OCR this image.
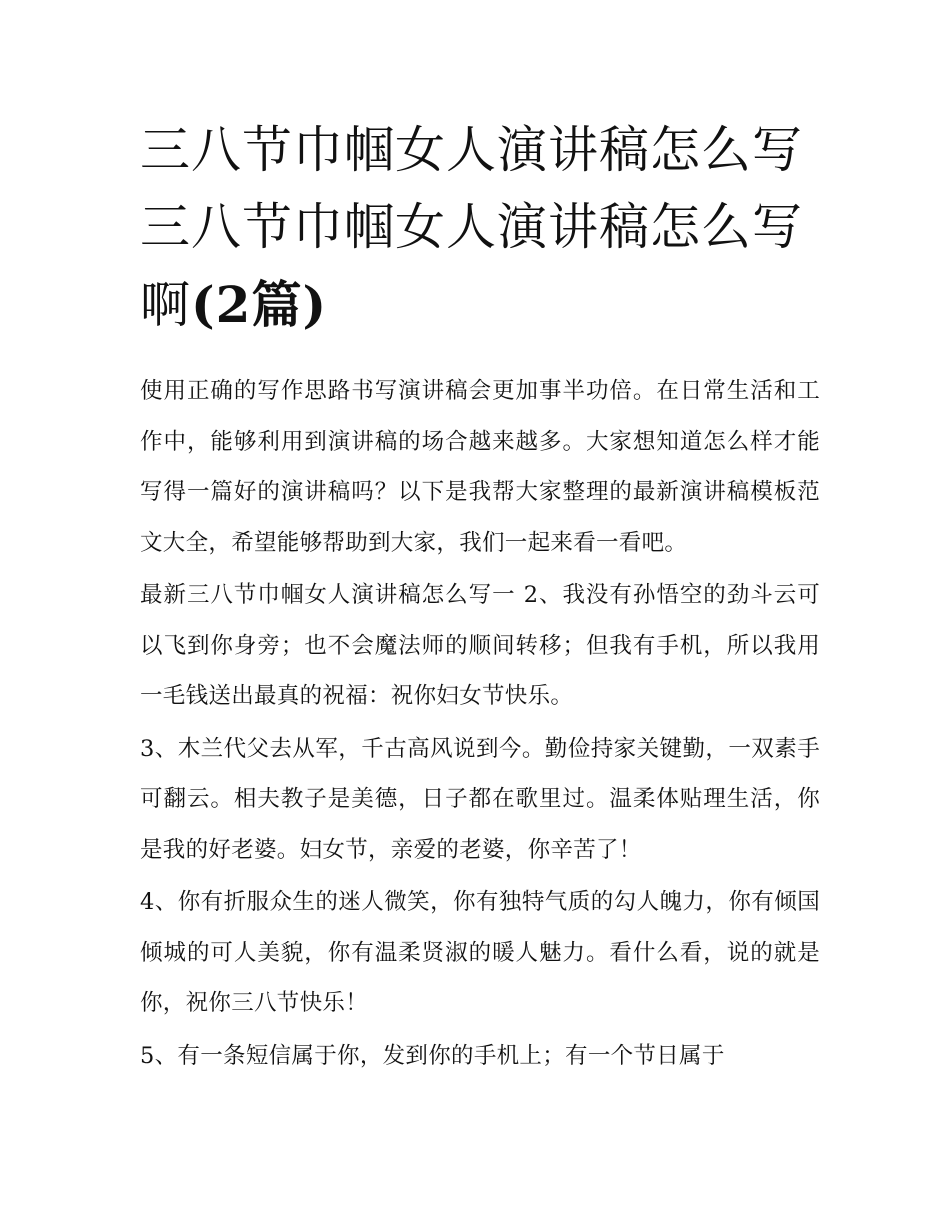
三八节巾帼女人演讲稿怎么写三八节巾帼女人演讲稿怎么写啊(2篇)

使用正确的写作思路书写演讲稿会更加事半功倍。在日常生活和工作中，能够利用到演讲稿的场合越来越多。大家想知道怎么样才能写得一篇好的演讲稿吗？以下是我帮大家整理的最新演讲稿模板范文大全，希望能够帮助到大家，我们一起来看一看吧。

最新三八节巾帼女人演讲稿怎么写一 2、我没有孙悟空的劲斗云可以飞到你身旁；也不会魔法师的顺间转移；但我有手机，所以我用一毛钱送出最真的祝福：祝你妇女节快乐。

3、木兰代父去从军，千古高风说到今。勤俭持家关键勤，一双素手可翻云。相夫教子是美德，日子都在歌里过。温柔体贴理生活，你是我的好老婆。妇女节，亲爱的老婆，你辛苦了！

4、你有折服众生的迷人微笑，你有独特气质的勾人魄力，你有倾国倾城的可人美貌，你有温柔贤淑的暖人魅力。看什么看，说的就是你，祝你三八节快乐！

5、有一条短信属于你，发到你的手机上；有一个节日属于
